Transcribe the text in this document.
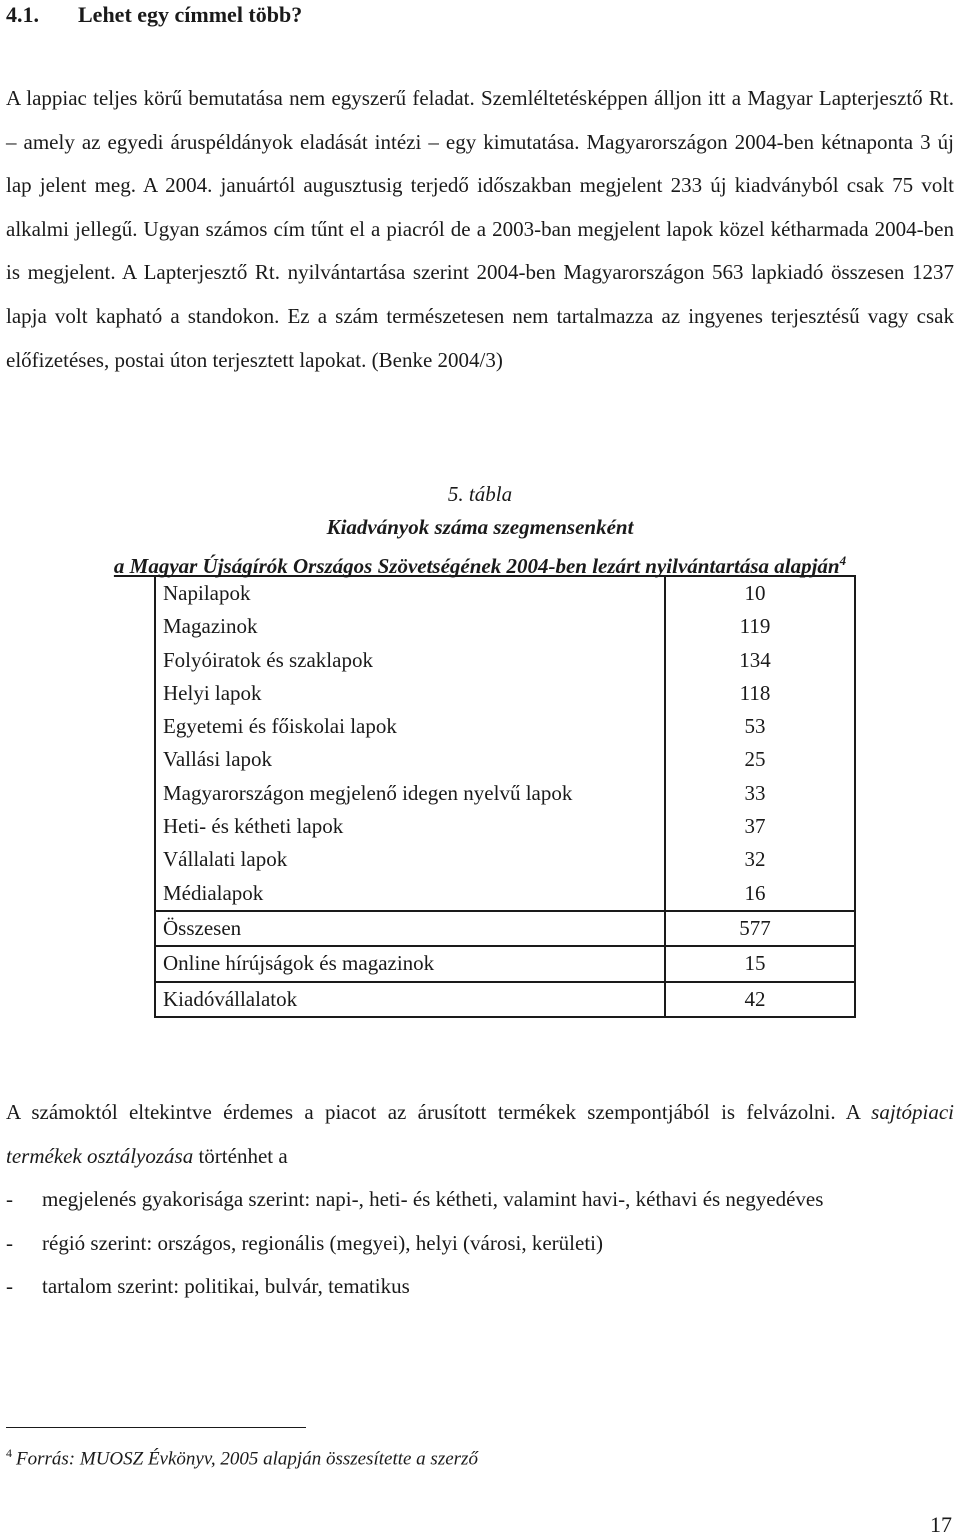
4.1. Lehet egy címmel több?

A lappiac teljes körű bemutatása nem egyszerű feladat. Szemléltetésképpen álljon itt a Magyar Lapterjesztő Rt. – amely az egyedi áruspéldányok eladását intézi – egy kimutatása. Magyarországon 2004-ben kétnaponta 3 új lap jelent meg. A 2004. januártól augusztusig terjedő időszakban megjelent 233 új kiadványból csak 75 volt alkalmi jellegű. Ugyan számos cím tűnt el a piacról de a 2003-ban megjelent lapok közel kétharmada 2004-ben is megjelent. A Lapterjesztő Rt. nyilvántartása szerint 2004-ben Magyarországon 563 lapkiadó összesen 1237 lapja volt kapható a standokon. Ez a szám természetesen nem tartalmazza az ingyenes terjesztésű vagy csak előfizetéses, postai úton terjesztett lapokat. (Benke 2004/3)

5. tábla
Kiadványok száma szegmensenként
a Magyar Újságírók Országos Szövetségének 2004-ben lezárt nyilvántartása alapján$^4$
Napilapok	10
Magazinok	119
Folyóiratok és szaklapok	134
Helyi lapok	118
Egyetemi és főiskolai lapok	53
Vallási lapok	25
Magyarországon megjelenő idegen nyelvű lapok	33
Heti- és kétheti lapok	37
Vállalati lapok	32
Médialapok	16
Összesen	577
Online hírújságok és magazinok	15
Kiadóvállalatok	42

A számoktól eltekintve érdemes a piacot az árusított termékek szempontjából is felvázolni. A sajtópiaci termékek osztályozása történhet a

- megjelenés gyakorisága szerint: napi-, heti- és kétheti, valamint havi-, kéthavi és negyedéves
- régió szerint: országos, regionális (megyei), helyi (városi, kerületi)
- tartalom szerint: politikai, bulvár, tematikus
$^4$ Forrás: MUOSZ Évkönyv, 2005 alapján összesítette a szerző
17
